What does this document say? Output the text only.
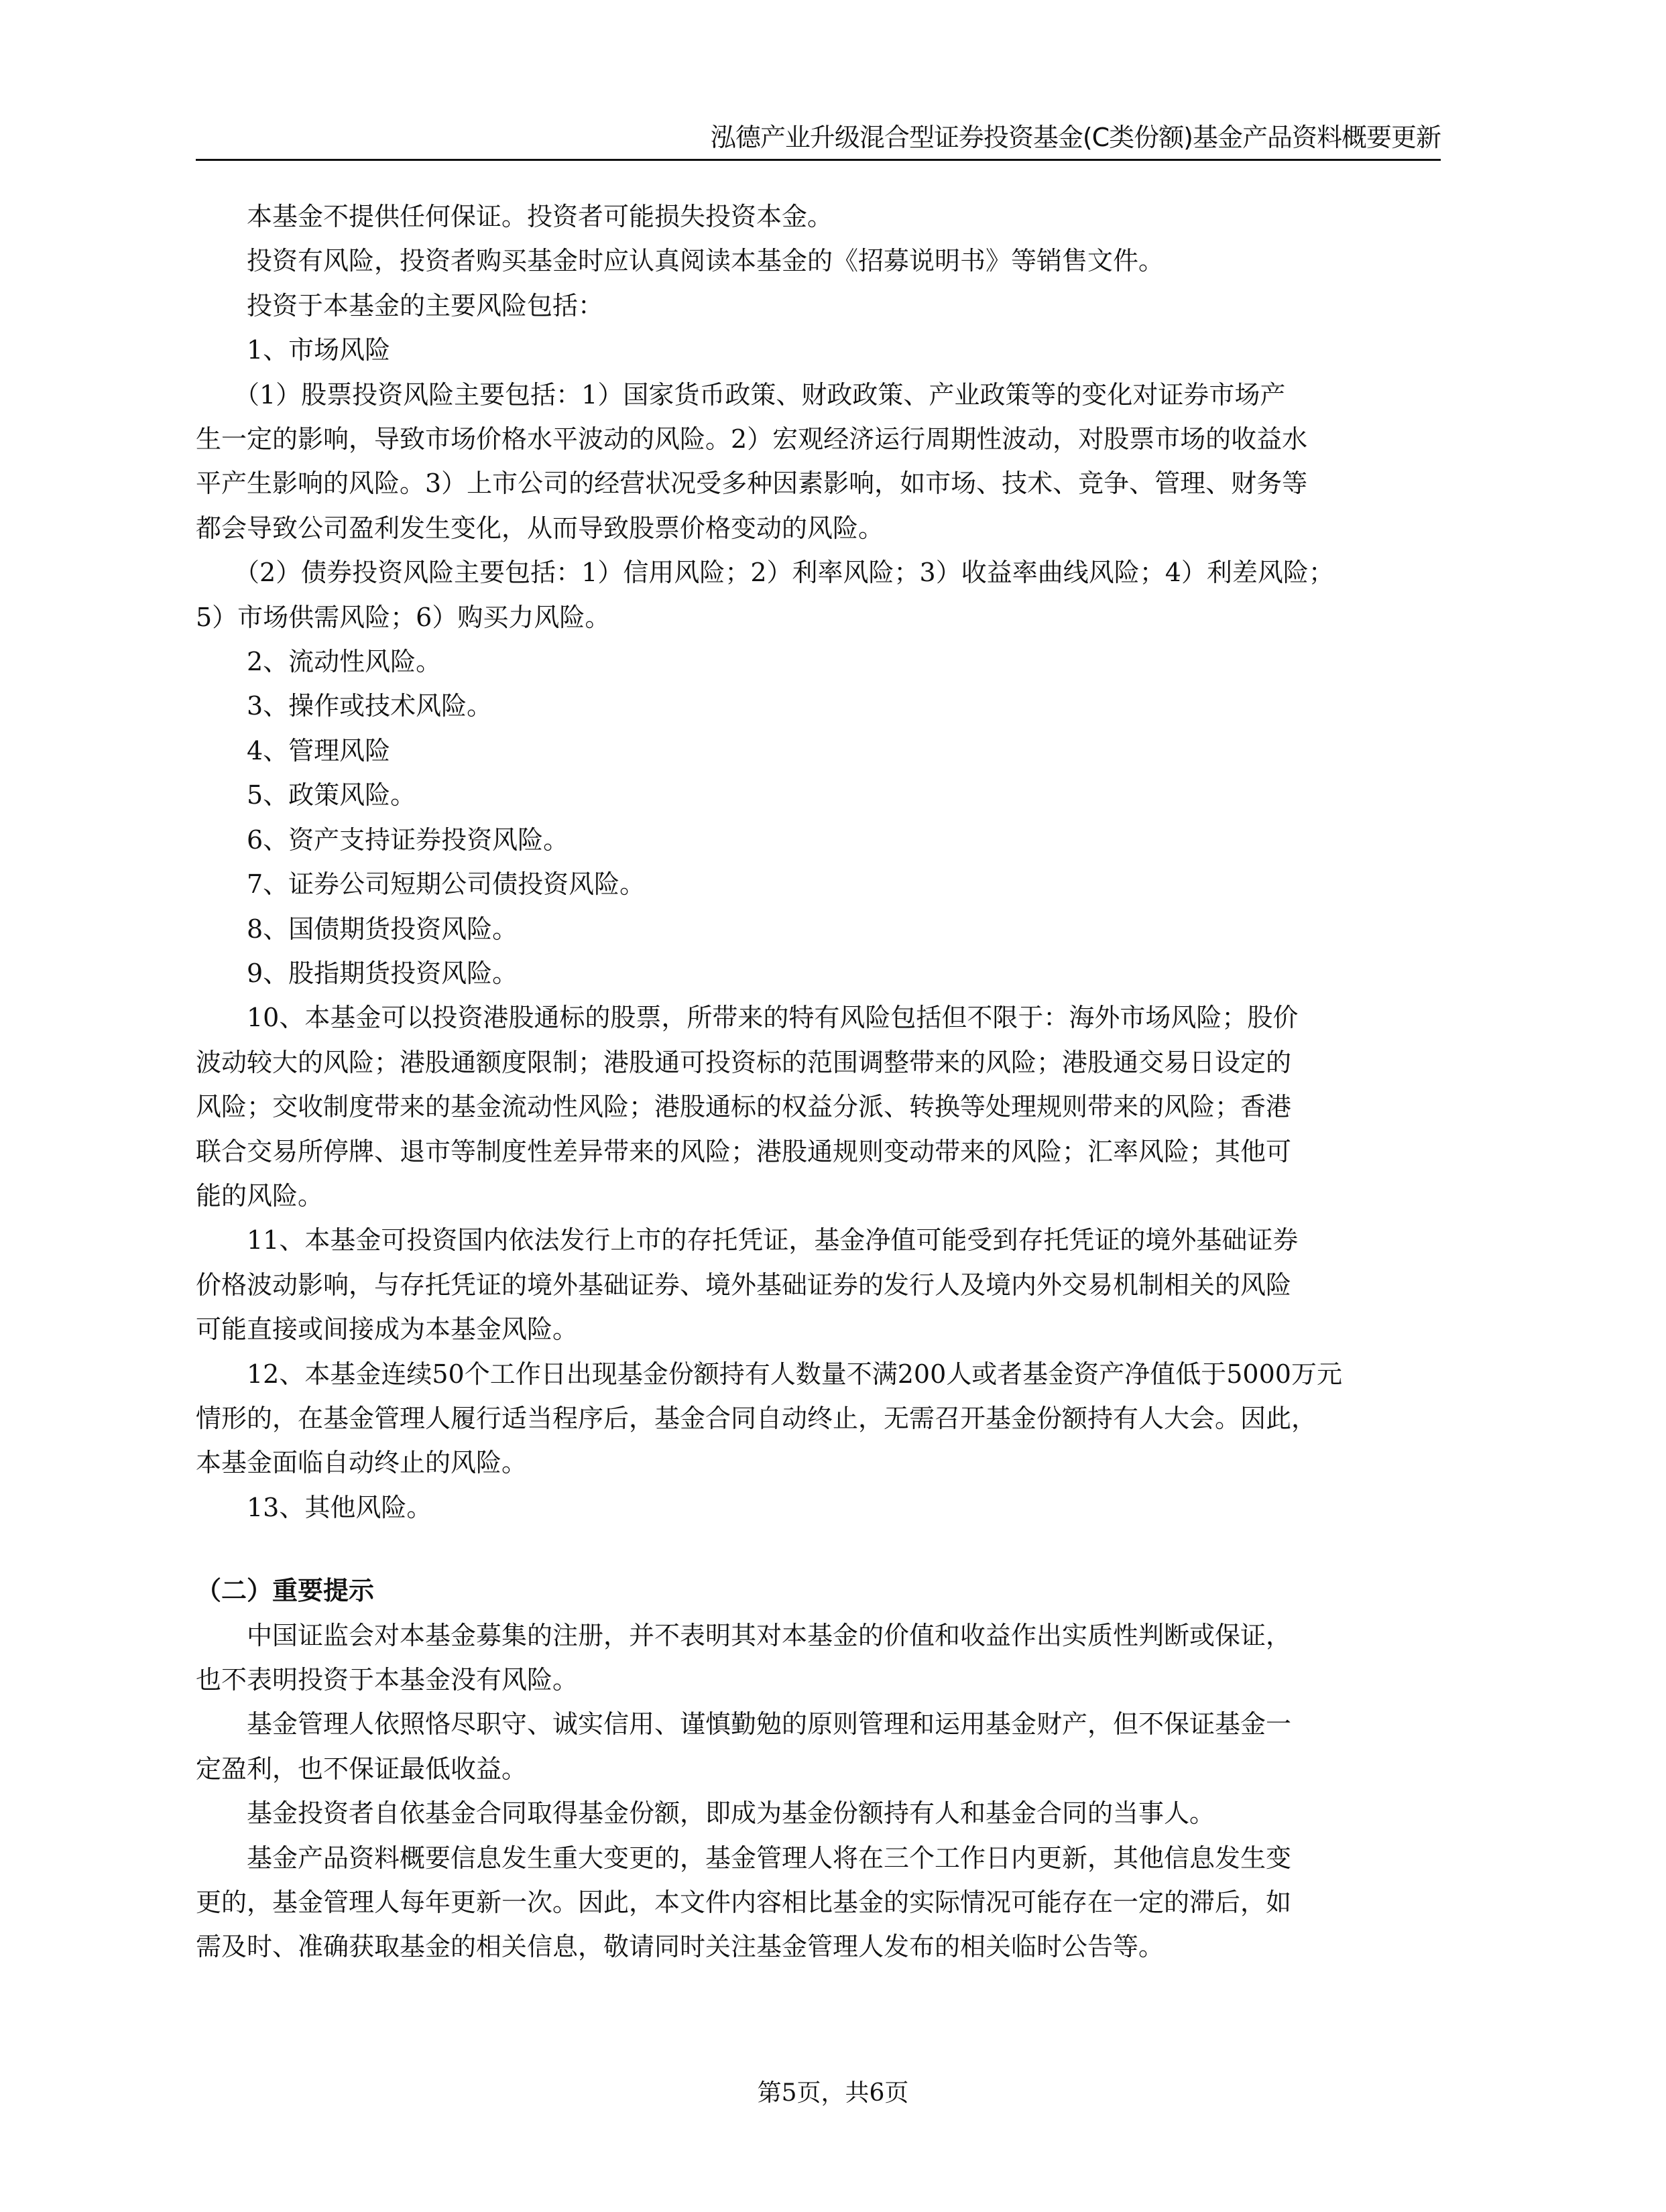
泓德产业升级混合型证券投资基金(C类份额)基金产品资料概要更新

本基金不提供任何保证。投资者可能损失投资本金。

投资有风险，投资者购买基金时应认真阅读本基金的《招募说明书》等销售文件。

投资于本基金的主要风险包括：

1、市场风险

（1）股票投资风险主要包括：1）国家货币政策、财政政策、产业政策等的变化对证券市场产

生一定的影响，导致市场价格水平波动的风险。2）宏观经济运行周期性波动，对股票市场的收益水

平产生影响的风险。3）上市公司的经营状况受多种因素影响，如市场、技术、竞争、管理、财务等

都会导致公司盈利发生变化，从而导致股票价格变动的风险。

（2）债券投资风险主要包括：1）信用风险；2）利率风险；3）收益率曲线风险；4）利差风险；

5）市场供需风险；6）购买力风险。

2、流动性风险。

3、操作或技术风险。

4、管理风险

5、政策风险。

6、资产支持证券投资风险。

7、证券公司短期公司债投资风险。

8、国债期货投资风险。

9、股指期货投资风险。

10、本基金可以投资港股通标的股票，所带来的特有风险包括但不限于：海外市场风险；股价

波动较大的风险；港股通额度限制；港股通可投资标的范围调整带来的风险；港股通交易日设定的

风险；交收制度带来的基金流动性风险；港股通标的权益分派、转换等处理规则带来的风险；香港

联合交易所停牌、退市等制度性差异带来的风险；港股通规则变动带来的风险；汇率风险；其他可

能的风险。

11、本基金可投资国内依法发行上市的存托凭证，基金净值可能受到存托凭证的境外基础证券

价格波动影响，与存托凭证的境外基础证券、境外基础证券的发行人及境内外交易机制相关的风险

可能直接或间接成为本基金风险。

12、本基金连续50个工作日出现基金份额持有人数量不满200人或者基金资产净值低于5000万元

情形的，在基金管理人履行适当程序后，基金合同自动终止，无需召开基金份额持有人大会。因此，

本基金面临自动终止的风险。

13、其他风险。

（二）重要提示

中国证监会对本基金募集的注册，并不表明其对本基金的价值和收益作出实质性判断或保证，

也不表明投资于本基金没有风险。

基金管理人依照恪尽职守、诚实信用、谨慎勤勉的原则管理和运用基金财产，但不保证基金一

定盈利，也不保证最低收益。

基金投资者自依基金合同取得基金份额，即成为基金份额持有人和基金合同的当事人。

基金产品资料概要信息发生重大变更的，基金管理人将在三个工作日内更新，其他信息发生变

更的，基金管理人每年更新一次。因此，本文件内容相比基金的实际情况可能存在一定的滞后，如

需及时、准确获取基金的相关信息，敬请同时关注基金管理人发布的相关临时公告等。

第5页，共6页
